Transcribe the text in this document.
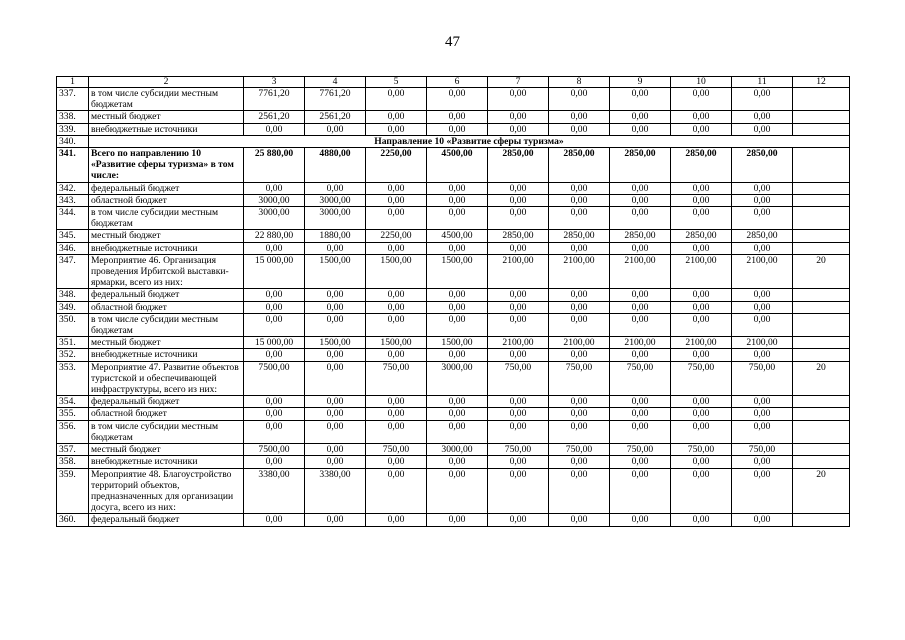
47
1	2	3	4	5	6	7	8	9	10	11	12
337.	в том числе субсидии местным бюджетам	7761,20	7761,20	0,00	0,00	0,00	0,00	0,00	0,00	0,00	
338.	местный бюджет	2561,20	2561,20	0,00	0,00	0,00	0,00	0,00	0,00	0,00	
339.	внебюджетные источники	0,00	0,00	0,00	0,00	0,00	0,00	0,00	0,00	0,00	
340.	Направление 10 «Развитие сферы туризма»										
341.	Всего по направлению 10 «Развитие сферы туризма» в том числе:	25 880,00	4880,00	2250,00	4500,00	2850,00	2850,00	2850,00	2850,00	2850,00	
342.	федеральный бюджет	0,00	0,00	0,00	0,00	0,00	0,00	0,00	0,00	0,00	
343.	областной бюджет	3000,00	3000,00	0,00	0,00	0,00	0,00	0,00	0,00	0,00	
344.	в том числе субсидии местным бюджетам	3000,00	3000,00	0,00	0,00	0,00	0,00	0,00	0,00	0,00	
345.	местный бюджет	22 880,00	1880,00	2250,00	4500,00	2850,00	2850,00	2850,00	2850,00	2850,00	
346.	внебюджетные источники	0,00	0,00	0,00	0,00	0,00	0,00	0,00	0,00	0,00	
347.	Мероприятие 46. Организация проведения Ирбитской выставки-ярмарки, всего из них:	15 000,00	1500,00	1500,00	1500,00	2100,00	2100,00	2100,00	2100,00	2100,00	20
348.	федеральный бюджет	0,00	0,00	0,00	0,00	0,00	0,00	0,00	0,00	0,00	
349.	областной бюджет	0,00	0,00	0,00	0,00	0,00	0,00	0,00	0,00	0,00	
350.	в том числе субсидии местным бюджетам	0,00	0,00	0,00	0,00	0,00	0,00	0,00	0,00	0,00	
351.	местный бюджет	15 000,00	1500,00	1500,00	1500,00	2100,00	2100,00	2100,00	2100,00	2100,00	
352.	внебюджетные источники	0,00	0,00	0,00	0,00	0,00	0,00	0,00	0,00	0,00	
353.	Мероприятие 47. Развитие объектов туристской и обеспечивающей инфраструктуры, всего из них:	7500,00	0,00	750,00	3000,00	750,00	750,00	750,00	750,00	750,00	20
354.	федеральный бюджет	0,00	0,00	0,00	0,00	0,00	0,00	0,00	0,00	0,00	
355.	областной бюджет	0,00	0,00	0,00	0,00	0,00	0,00	0,00	0,00	0,00	
356.	в том числе субсидии местным бюджетам	0,00	0,00	0,00	0,00	0,00	0,00	0,00	0,00	0,00	
357.	местный бюджет	7500,00	0,00	750,00	3000,00	750,00	750,00	750,00	750,00	750,00	
358.	внебюджетные источники	0,00	0,00	0,00	0,00	0,00	0,00	0,00	0,00	0,00	
359.	Мероприятие 48. Благоустройство территорий объектов, предназначенных для организации досуга, всего из них:	3380,00	3380,00	0,00	0,00	0,00	0,00	0,00	0,00	0,00	20
360.	федеральный бюджет	0,00	0,00	0,00	0,00	0,00	0,00	0,00	0,00	0,00	
